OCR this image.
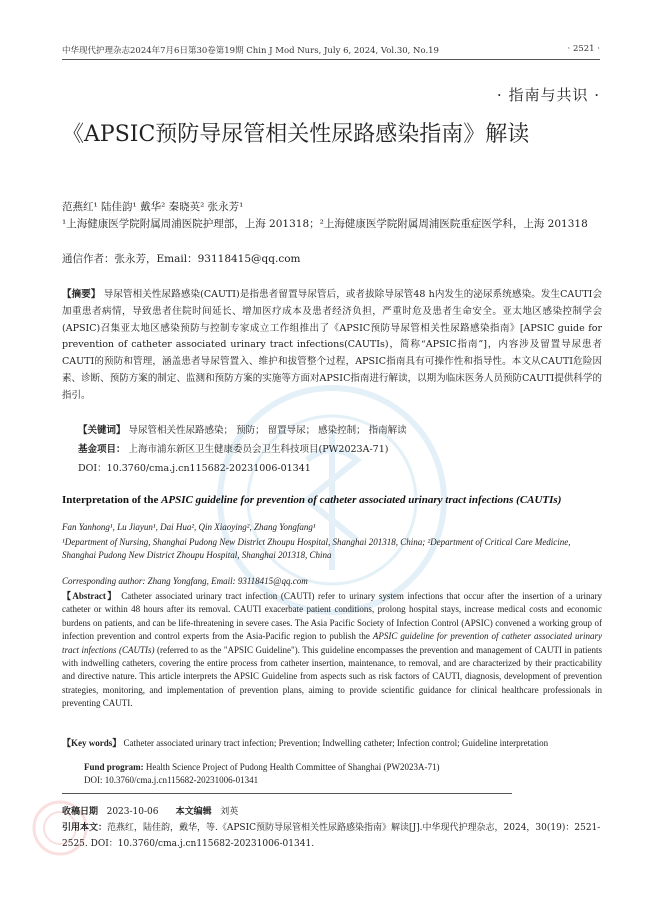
中华现代护理杂志2024年7月6日第30卷第19期 Chin J Mod Nurs, July 6, 2024, Vol.30, No.19	· 2521 ·
· 指南与共识 ·
《APSIC预防导尿管相关性尿路感染指南》解读
范燕红¹ 陆佳韵¹ 戴华² 秦晓英² 张永芳¹
¹上海健康医学院附属周浦医院护理部，上海 201318；²上海健康医学院附属周浦医院重症医学科，上海 201318
通信作者：张永芳，Email：93118415@qq.com
【摘要】 导尿管相关性尿路感染(CAUTI)是指患者留置导尿管后，或者拔除导尿管48 h内发生的泌尿系统感染。发生CAUTI会加重患者病情，导致患者住院时间延长、增加医疗成本及患者经济负担，严重时危及患者生命安全。亚太地区感染控制学会(APSIC)召集亚太地区感染预防与控制专家成立工作组推出了《APSIC预防导尿管相关性尿路感染指南》[APSIC guide for prevention of catheter associated urinary tract infections(CAUTIs)，简称“APSIC指南”]，内容涉及留置导尿患者CAUTI的预防和管理，涵盖患者导尿管置入、维护和拔管整个过程，APSIC指南具有可操作性和指导性。本文从CAUTI危险因素、诊断、预防方案的制定、监测和预防方案的实施等方面对APSIC指南进行解读，以期为临床医务人员预防CAUTI提供科学的指引。
【关键词】 导尿管相关性尿路感染； 预防； 留置导尿； 感染控制； 指南解读
基金项目： 上海市浦东新区卫生健康委员会卫生科技项目(PW2023A-71)
DOI：10.3760/cma.j.cn115682-20231006-01341
Interpretation of the APSIC guideline for prevention of catheter associated urinary tract infections (CAUTIs)
Fan Yanhong¹, Lu Jiayun¹, Dai Hua², Qin Xiaoying², Zhang Yongfang¹
¹Department of Nursing, Shanghai Pudong New District Zhoupu Hospital, Shanghai 201318, China; ²Department of Critical Care Medicine, Shanghai Pudong New District Zhoupu Hospital, Shanghai 201318, China
Corresponding author: Zhang Yongfang, Email: 93118415@qq.com
【Abstract】 Catheter associated urinary tract infection (CAUTI) refer to urinary system infections that occur after the insertion of a urinary catheter or within 48 hours after its removal. CAUTI exacerbate patient conditions, prolong hospital stays, increase medical costs and economic burdens on patients, and can be life-threatening in severe cases. The Asia Pacific Society of Infection Control (APSIC) convened a working group of infection prevention and control experts from the Asia-Pacific region to publish the APSIC guideline for prevention of catheter associated urinary tract infections (CAUTIs) (referred to as the "APSIC Guideline"). This guideline encompasses the prevention and management of CAUTI in patients with indwelling catheters, covering the entire process from catheter insertion, maintenance, to removal, and are characterized by their practicability and directive nature. This article interprets the APSIC Guideline from aspects such as risk factors of CAUTI, diagnosis, development of prevention strategies, monitoring, and implementation of prevention plans, aiming to provide scientific guidance for clinical healthcare professionals in preventing CAUTI.
【Key words】 Catheter associated urinary tract infection; Prevention; Indwelling catheter; Infection control; Guideline interpretation
Fund program: Health Science Project of Pudong Health Committee of Shanghai (PW2023A-71)
DOI: 10.3760/cma.j.cn115682-20231006-01341
收稿日期 2023-10-06 本文编辑 刘英
引用本文：范燕红，陆佳韵，戴华，等.《APSIC预防导尿管相关性尿路感染指南》解读[J].中华现代护理杂志，2024，30(19)：2521-2525. DOI：10.3760/cma.j.cn115682-20231006-01341.
